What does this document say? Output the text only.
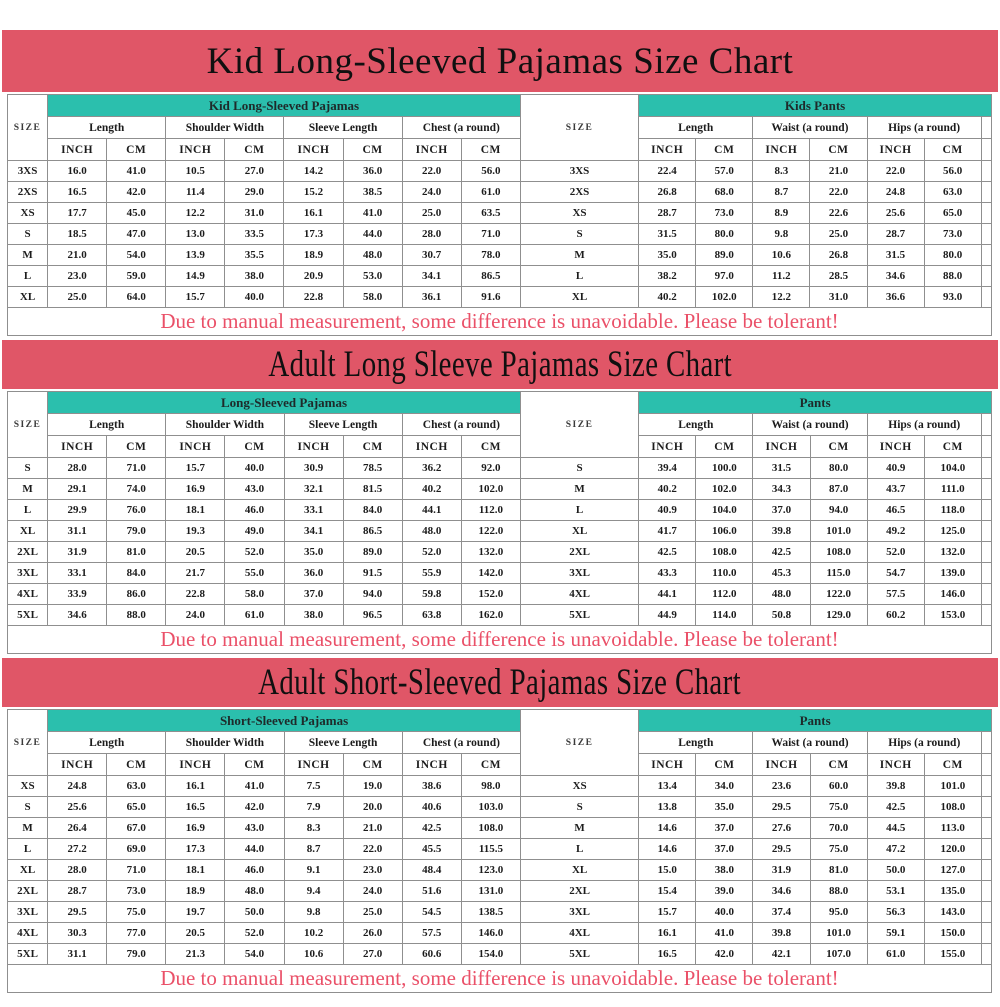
Kid Long-Sleeved Pajamas Size Chart
SIZE	Kid Long-Sleeved Pajamas								SIZE	Kids Pants						
	Length		Shoulder Width		Sleeve Length		Chest (a round)			Length		Waist (a round)		Hips (a round)		
	INCH	CM	INCH	CM	INCH	CM	INCH	CM		INCH	CM	INCH	CM	INCH	CM	
3XS	16.0	41.0	10.5	27.0	14.2	36.0	22.0	56.0	3XS	22.4	57.0	8.3	21.0	22.0	56.0	
2XS	16.5	42.0	11.4	29.0	15.2	38.5	24.0	61.0	2XS	26.8	68.0	8.7	22.0	24.8	63.0	
XS	17.7	45.0	12.2	31.0	16.1	41.0	25.0	63.5	XS	28.7	73.0	8.9	22.6	25.6	65.0	
S	18.5	47.0	13.0	33.5	17.3	44.0	28.0	71.0	S	31.5	80.0	9.8	25.0	28.7	73.0	
M	21.0	54.0	13.9	35.5	18.9	48.0	30.7	78.0	M	35.0	89.0	10.6	26.8	31.5	80.0	
L	23.0	59.0	14.9	38.0	20.9	53.0	34.1	86.5	L	38.2	97.0	11.2	28.5	34.6	88.0	
XL	25.0	64.0	15.7	40.0	22.8	58.0	36.1	91.6	XL	40.2	102.0	12.2	31.0	36.6	93.0	
Due to manual measurement, some difference is unavoidable. Please be tolerant!																
Adult Long Sleeve Pajamas Size Chart
SIZE	Long-Sleeved Pajamas								SIZE	Pants						
	Length		Shoulder Width		Sleeve Length		Chest (a round)			Length		Waist (a round)		Hips (a round)		
	INCH	CM	INCH	CM	INCH	CM	INCH	CM		INCH	CM	INCH	CM	INCH	CM	
S	28.0	71.0	15.7	40.0	30.9	78.5	36.2	92.0	S	39.4	100.0	31.5	80.0	40.9	104.0	
M	29.1	74.0	16.9	43.0	32.1	81.5	40.2	102.0	M	40.2	102.0	34.3	87.0	43.7	111.0	
L	29.9	76.0	18.1	46.0	33.1	84.0	44.1	112.0	L	40.9	104.0	37.0	94.0	46.5	118.0	
XL	31.1	79.0	19.3	49.0	34.1	86.5	48.0	122.0	XL	41.7	106.0	39.8	101.0	49.2	125.0	
2XL	31.9	81.0	20.5	52.0	35.0	89.0	52.0	132.0	2XL	42.5	108.0	42.5	108.0	52.0	132.0	
3XL	33.1	84.0	21.7	55.0	36.0	91.5	55.9	142.0	3XL	43.3	110.0	45.3	115.0	54.7	139.0	
4XL	33.9	86.0	22.8	58.0	37.0	94.0	59.8	152.0	4XL	44.1	112.0	48.0	122.0	57.5	146.0	
5XL	34.6	88.0	24.0	61.0	38.0	96.5	63.8	162.0	5XL	44.9	114.0	50.8	129.0	60.2	153.0	
Due to manual measurement, some difference is unavoidable. Please be tolerant!																
Adult Short-Sleeved Pajamas Size Chart
SIZE	Short-Sleeved Pajamas								SIZE	Pants						
	Length		Shoulder Width		Sleeve Length		Chest (a round)			Length		Waist (a round)		Hips (a round)		
	INCH	CM	INCH	CM	INCH	CM	INCH	CM		INCH	CM	INCH	CM	INCH	CM	
XS	24.8	63.0	16.1	41.0	7.5	19.0	38.6	98.0	XS	13.4	34.0	23.6	60.0	39.8	101.0	
S	25.6	65.0	16.5	42.0	7.9	20.0	40.6	103.0	S	13.8	35.0	29.5	75.0	42.5	108.0	
M	26.4	67.0	16.9	43.0	8.3	21.0	42.5	108.0	M	14.6	37.0	27.6	70.0	44.5	113.0	
L	27.2	69.0	17.3	44.0	8.7	22.0	45.5	115.5	L	14.6	37.0	29.5	75.0	47.2	120.0	
XL	28.0	71.0	18.1	46.0	9.1	23.0	48.4	123.0	XL	15.0	38.0	31.9	81.0	50.0	127.0	
2XL	28.7	73.0	18.9	48.0	9.4	24.0	51.6	131.0	2XL	15.4	39.0	34.6	88.0	53.1	135.0	
3XL	29.5	75.0	19.7	50.0	9.8	25.0	54.5	138.5	3XL	15.7	40.0	37.4	95.0	56.3	143.0	
4XL	30.3	77.0	20.5	52.0	10.2	26.0	57.5	146.0	4XL	16.1	41.0	39.8	101.0	59.1	150.0	
5XL	31.1	79.0	21.3	54.0	10.6	27.0	60.6	154.0	5XL	16.5	42.0	42.1	107.0	61.0	155.0	
Due to manual measurement, some difference is unavoidable. Please be tolerant!																
